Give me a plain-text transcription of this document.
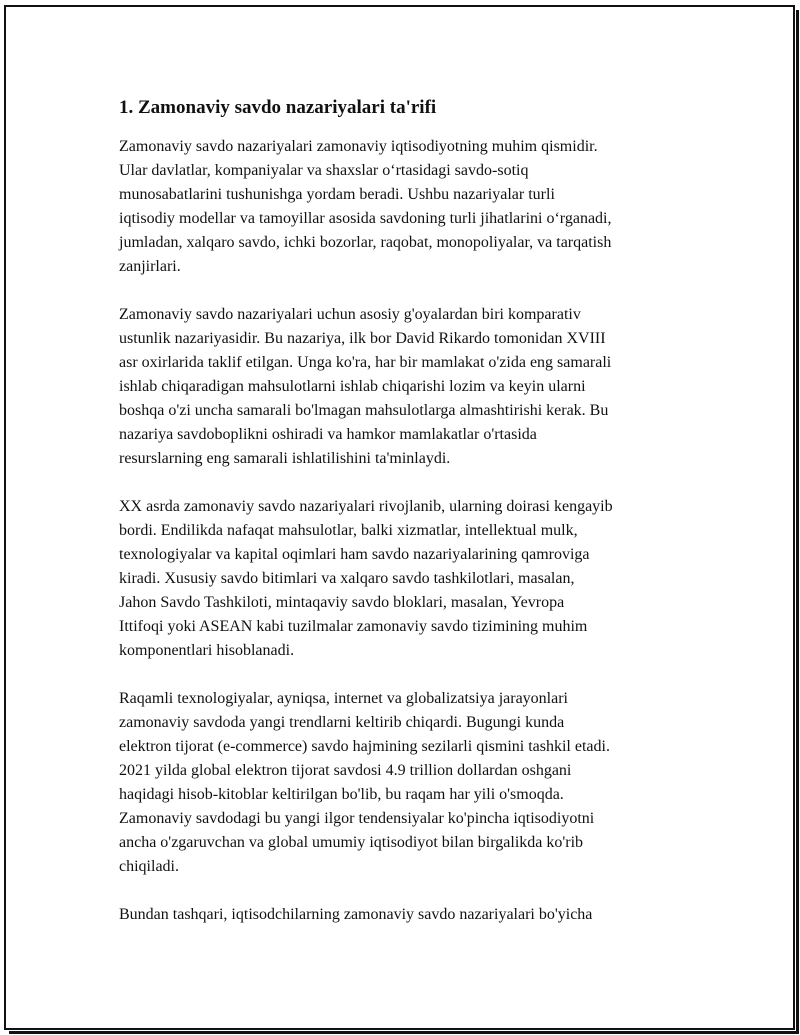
1. Zamonaviy savdo nazariyalari ta'rifi

Zamonaviy savdo nazariyalari zamonaviy iqtisodiyotning muhim qismidir.
Ular davlatlar, kompaniyalar va shaxslar o‘rtasidagi savdo-sotiq
munosabatlarini tushunishga yordam beradi. Ushbu nazariyalar turli
iqtisodiy modellar va tamoyillar asosida savdoning turli jihatlarini o‘rganadi,
jumladan, xalqaro savdo, ichki bozorlar, raqobat, monopoliyalar, va tarqatish
zanjirlari.

Zamonaviy savdo nazariyalari uchun asosiy g'oyalardan biri komparativ
ustunlik nazariyasidir. Bu nazariya, ilk bor David Rikardo tomonidan XVIII
asr oxirlarida taklif etilgan. Unga ko'ra, har bir mamlakat o'zida eng samarali
ishlab chiqaradigan mahsulotlarni ishlab chiqarishi lozim va keyin ularni
boshqa o'zi uncha samarali bo'lmagan mahsulotlarga almashtirishi kerak. Bu
nazariya savdoboplikni oshiradi va hamkor mamlakatlar o'rtasida
resurslarning eng samarali ishlatilishini ta'minlaydi.

XX asrda zamonaviy savdo nazariyalari rivojlanib, ularning doirasi kengayib
bordi. Endilikda nafaqat mahsulotlar, balki xizmatlar, intellektual mulk,
texnologiyalar va kapital oqimlari ham savdo nazariyalarining qamroviga
kiradi. Xususiy savdo bitimlari va xalqaro savdo tashkilotlari, masalan,
Jahon Savdo Tashkiloti, mintaqaviy savdo bloklari, masalan, Yevropa
Ittifoqi yoki ASEAN kabi tuzilmalar zamonaviy savdo tizimining muhim
komponentlari hisoblanadi.

Raqamli texnologiyalar, ayniqsa, internet va globalizatsiya jarayonlari
zamonaviy savdoda yangi trendlarni keltirib chiqardi. Bugungi kunda
elektron tijorat (e-commerce) savdo hajmining sezilarli qismini tashkil etadi.
2021 yilda global elektron tijorat savdosi 4.9 trillion dollardan oshgani
haqidagi hisob-kitoblar keltirilgan bo'lib, bu raqam har yili o'smoqda.
Zamonaviy savdodagi bu yangi ilgor tendensiyalar ko'pincha iqtisodiyotni
ancha o'zgaruvchan va global umumiy iqtisodiyot bilan birgalikda ko'rib
chiqiladi.

Bundan tashqari, iqtisodchilarning zamonaviy savdo nazariyalari bo'yicha
